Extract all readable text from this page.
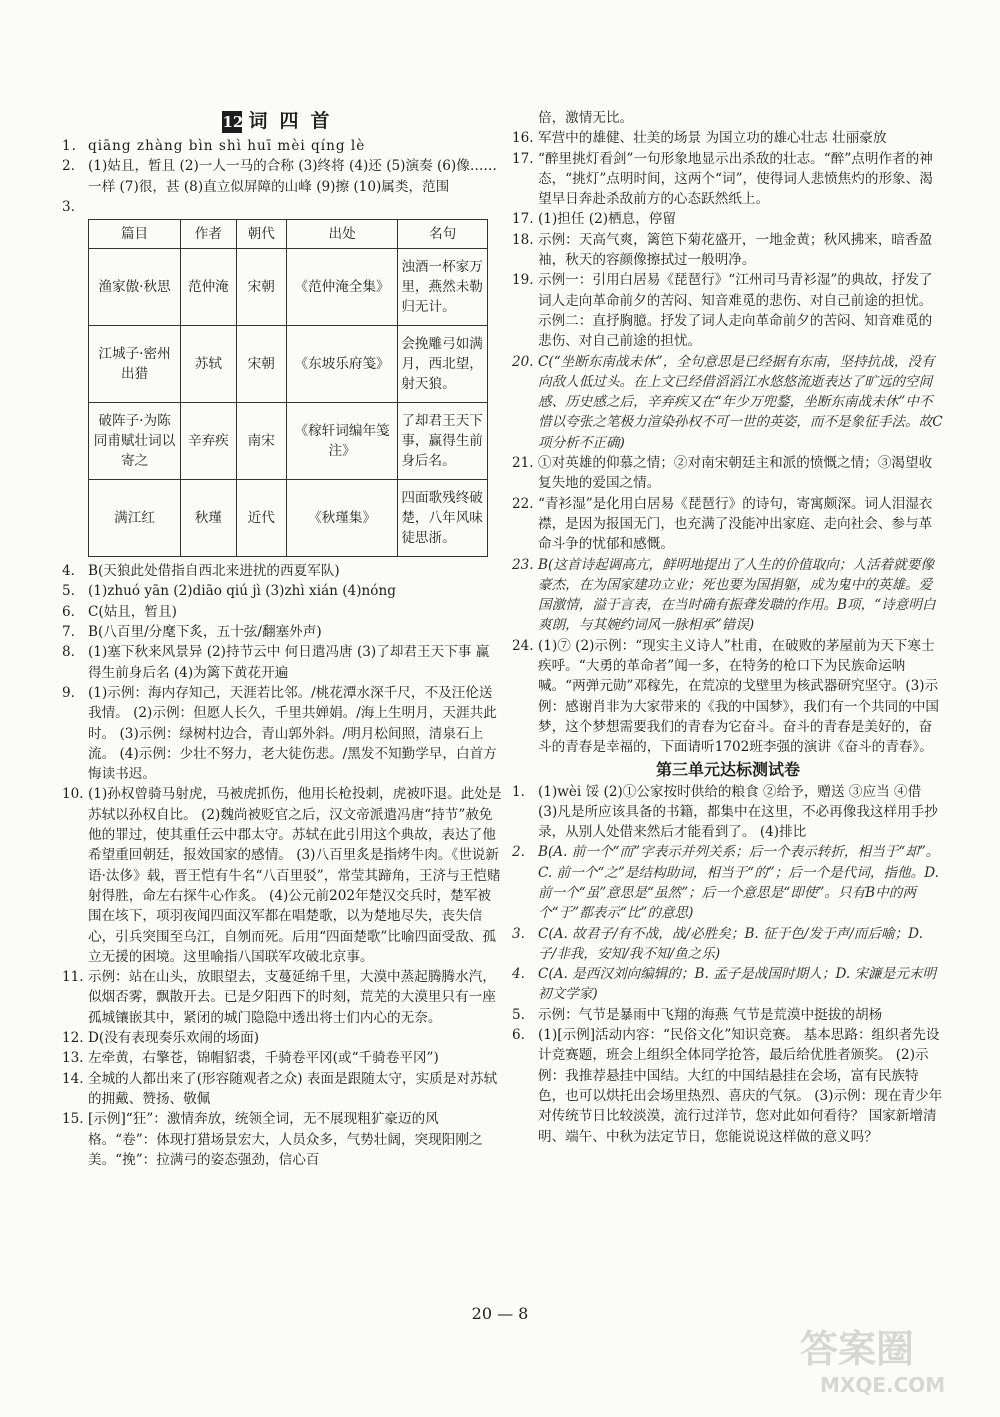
12 词四首

1. qiāng zhàng bìn shì huī mèi qíng lè

2. (1)姑且，暂且 (2)一人一马的合称 (3)终将 (4)还 (5)演奏 (6)像……一样 (7)很，甚 (8)直立似屏障的山峰 (9)擦 (10)属类，范围

3.

篇目	作者	朝代	出处	名句
渔家傲·秋思	范仲淹	宋朝	《范仲淹全集》	浊酒一杯家万里，燕然未勒归无计。
江城子·密州出猎	苏轼	宋朝	《东坡乐府笺》	会挽雕弓如满月，西北望，射天狼。
破阵子·为陈同甫赋壮词以寄之	辛弃疾	南宋	《稼轩词编年笺注》	了却君王天下事，赢得生前身后名。
满江红	秋瑾	近代	《秋瑾集》	四面歌残终破楚，八年风味徒思浙。

4. B(天狼此处借指自西北来进扰的西夏军队)

5. (1)zhuó yān (2)diāo qiú jì (3)zhì xián (4)nóng

6. C(姑且，暂且)

7. B(八百里/分麾下炙，五十弦/翻塞外声)

8. (1)塞下秋来风景异 (2)持节云中 何日遣冯唐 (3)了却君王天下事 赢得生前身后名 (4)为篱下黄花开遍

9. (1)示例：海内存知己，天涯若比邻。/桃花潭水深千尺，不及汪伦送我情。 (2)示例：但愿人长久，千里共婵娟。/海上生明月，天涯共此时。 (3)示例：绿树村边合，青山郭外斜。/明月松间照，清泉石上流。 (4)示例：少壮不努力，老大徒伤悲。/黑发不知勤学早，白首方悔读书迟。

10. (1)孙权曾骑马射虎，马被虎抓伤，他用长枪投刺，虎被吓退。此处是苏轼以孙权自比。 (2)魏尚被贬官之后，汉文帝派遣冯唐“持节”赦免他的罪过，使其重任云中郡太守。苏轼在此引用这个典故，表达了他希望重回朝廷，报效国家的感情。 (3)八百里炙是指烤牛肉。《世说新语·汰侈》载，晋王恺有牛名“八百里驳”，常莹其蹄角，王济与王恺赌射得胜，命左右探牛心作炙。 (4)公元前202年楚汉交兵时，楚军被围在垓下，项羽夜闻四面汉军都在唱楚歌，以为楚地尽失，丧失信心，引兵突围至乌江，自刎而死。后用“四面楚歌”比喻四面受敌、孤立无援的困境。这里喻指八国联军攻破北京事。

11. 示例：站在山头，放眼望去，支蔓延绵千里，大漠中蒸起腾腾水汽，似烟否雾，飘散开去。已是夕阳西下的时刻，荒芜的大漠里只有一座孤城镶嵌其中，紧闭的城门隐隐中透出将士们内心的无奈。

12. D(没有表现奏乐欢闹的场面)

13. 左牵黄，右擎苍，锦帽貂裘，千骑卷平冈(或“千骑卷平冈”)

14. 全城的人都出来了(形容随观者之众) 表面是跟随太守，实质是对苏轼的拥戴、赞扬、敬佩

15. [示例]“狂”：激情奔放，统领全词，无不展现粗犷豪迈的风格。“卷”：体现打猎场景宏大，人员众多，气势壮阔，突现阳刚之美。“挽”：拉满弓的姿态强劲，信心百

倍，激情无比。

16. 军营中的雄健、壮美的场景 为国立功的雄心壮志 壮丽豪放

17. “醉里挑灯看剑”一句形象地显示出杀敌的壮志。“醉”点明作者的神态，“挑灯”点明时间，这两个“词”，使得词人悲愤焦灼的形象、渴望早日奔赴杀敌前方的心态跃然纸上。

17. (1)担任 (2)栖息，停留

18. 示例：天高气爽，篱笆下菊花盛开，一地金黄；秋风拂来，暗香盈袖，秋天的容颜像擦拭过一般明净。

19. 示例一：引用白居易《琵琶行》“江州司马青衫湿”的典故，抒发了词人走向革命前夕的苦闷、知音难觅的悲伤、对自己前途的担忧。 示例二：直抒胸臆。抒发了词人走向革命前夕的苦闷、知音难觅的悲伤、对自己前途的担忧。

20. C(“坐断东南战未休”，全句意思是已经据有东南，坚持抗战，没有向敌人低过头。在上文已经借滔滔江水悠悠流逝表达了旷远的空间感、历史感之后，辛弃疾又在“年少万兜鍪，坐断东南战未休”中不惜以夸张之笔极力渲染孙权不可一世的英姿，而不是象征手法。故C项分析不正确)

21. ①对英雄的仰慕之情；②对南宋朝廷主和派的愤慨之情；③渴望收复失地的爱国之情。

22. “青衫湿”是化用白居易《琵琶行》的诗句，寄寓颇深。词人泪湿衣襟，是因为报国无门，也充满了没能冲出家庭、走向社会、参与革命斗争的忧郁和感慨。

23. B(这首诗起调高亢，鲜明地提出了人生的价值取向；人活着就要像豪杰，在为国家建功立业；死也要为国捐躯，成为鬼中的英雄。爱国激情，溢于言表，在当时确有振聋发聩的作用。B项，“诗意明白爽朗，与其婉约词风一脉相承”错误)

24. (1)⑦ (2)示例：“现实主义诗人”杜甫，在破败的茅屋前为天下寒士疾呼。“大勇的革命者”闻一多，在特务的枪口下为民族命运呐喊。“两弹元勋”邓稼先，在荒凉的戈壁里为核武器研究坚守。(3)示例：感谢肖非为大家带来的《我的中国梦》，我们有一个共同的中国梦，这个梦想需要我们的青春为它奋斗。奋斗的青春是美好的，奋斗的青春是幸福的，下面请听1702班李强的演讲《奋斗的青春》。

第三单元达标测试卷

1. (1)wèi 馁 (2)①公家按时供给的粮食 ②给予，赠送 ③应当 ④借 (3)凡是所应该具备的书籍，都集中在这里，不必再像我这样用手抄录，从别人处借来然后才能看到了。 (4)排比

2. B(A. 前一个“而”字表示并列关系；后一个表示转折，相当于“却”。C. 前一个“之”是结构助词，相当于“的”；后一个是代词，指他。D. 前一个“虽”意思是“虽然”；后一个意思是“即使”。只有B中的两个“于”都表示“比”的意思)

3. C(A. 故君子/有不战，战/必胜矣；B. 征于色/发于声/而后喻；D. 子/非我，安知/我不知/鱼之乐)

4. C(A. 是西汉刘向编辑的；B. 孟子是战国时期人；D. 宋濂是元末明初文学家)

5. 示例：气节是暴雨中飞翔的海燕 气节是荒漠中挺拔的胡杨

6. (1)[示例]活动内容：“民俗文化”知识竞赛。 基本思路：组织者先设计竞赛题，班会上组织全体同学抢答，最后给优胜者颁奖。 (2)示例：我推荐悬挂中国结。大红的中国结悬挂在会场，富有民族特色，也可以烘托出会场里热烈、喜庆的气氛。 (3)示例：现在青少年对传统节日比较淡漠，流行过洋节，您对此如何看待？ 国家新增清明、端午、中秋为法定节日，您能说说这样做的意义吗？

20 — 8
答案圈
MXQE.COM
